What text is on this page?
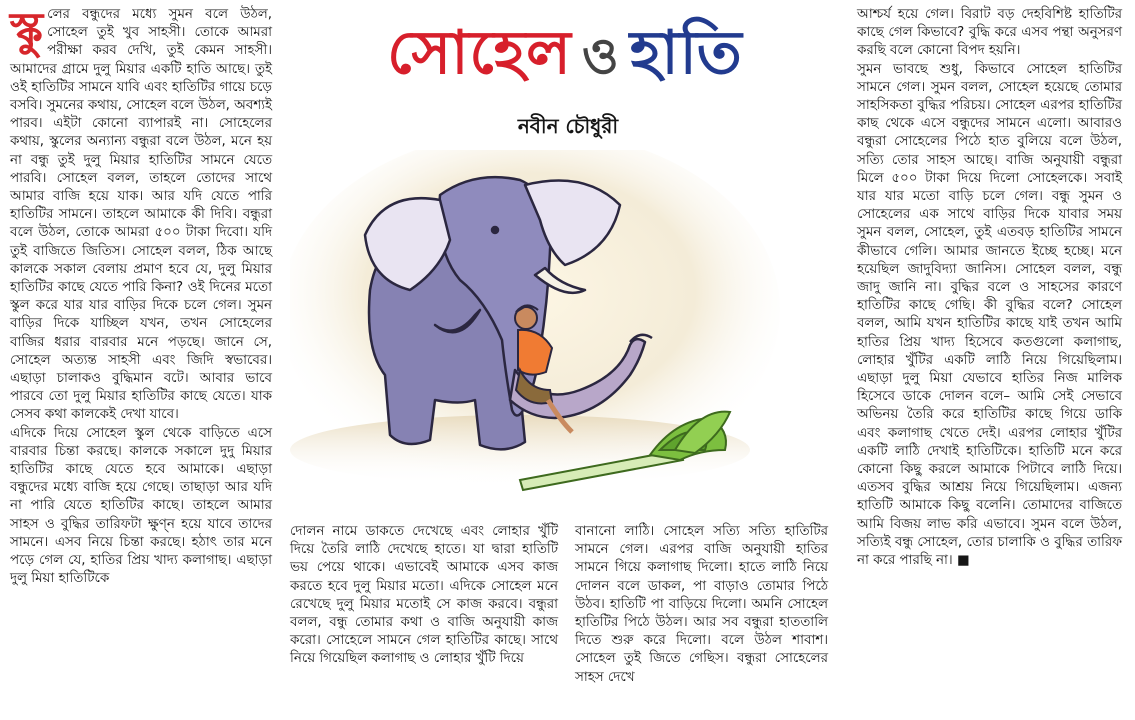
সোহেল ও হাতি
নবীন চৌধুরী

স্কু লের বন্ধুদের মধ্যে সুমন বলে উঠল, সোহেল তুই খুব সাহসী। তোকে আমরা পরীক্ষা করব দেখি, তুই কেমন সাহসী। আমাদের গ্রামে দুলু মিয়ার একটি হাতি আছে। তুই ওই হাতিটির সামনে যাবি এবং হাতিটির গায়ে চড়ে বসবি। সুমনের কথায়, সোহেল বলে উঠল, অবশ্যই পারব। এইটা কোনো ব্যাপারই না। সোহেলের কথায়, স্কুলের অন্যান্য বন্ধুরা বলে উঠল, মনে হয় না বন্ধু তুই দুলু মিয়ার হাতিটির সামনে যেতে পারবি। সোহেল বলল, তাহলে তোদের সাথে আমার বাজি হয়ে যাক। আর যদি যেতে পারি হাতিটির সামনে। তাহলে আমাকে কী দিবি। বন্ধুরা বলে উঠল, তোকে আমরা ৫০০ টাকা দিবো। যদি তুই বাজিতে জিতিস। সোহেল বলল, ঠিক আছে কালকে সকাল বেলায় প্রমাণ হবে যে, দুলু মিয়ার হাতিটির কাছে যেতে পারি কিনা? ওই দিনের মতো স্কুল করে যার যার বাড়ির দিকে চলে গেল। সুমন বাড়ির দিকে যাচ্ছিল যখন, তখন সোহেলের বাজির ধরার বারবার মনে পড়ছে। জানে সে, সোহেল অত্যন্ত সাহসী এবং জিদি স্বভাবের। এছাড়া চালাকও বুদ্ধিমান বটে। আবার ভাবে পারবে তো দুলু মিয়ার হাতিটির কাছে যেতে। যাক সেসব কথা কালকেই দেখা যাবে।

এদিকে দিয়ে সোহেল স্কুল থেকে বাড়িতে এসে বারবার চিন্তা করছে। কালকে সকালে দুদু মিয়ার হাতিটির কাছে যেতে হবে আমাকে। এছাড়া বন্ধুদের মধ্যে বাজি হয়ে গেছে। তাছাড়া আর যদি না পারি যেতে হাতিটির কাছে। তাহলে আমার সাহস ও বুদ্ধির তারিফটা ক্ষুণ্ন হয়ে যাবে তাদের সামনে। এসব নিয়ে চিন্তা করছে। হঠাৎ তার মনে পড়ে গেল যে, হাতির প্রিয় খাদ্য কলাগাছ। এছাড়া দুলু মিয়া হাতিটিকে

দোলন নামে ডাকতে দেখেছে এবং লোহার খুঁটি দিয়ে তৈরি লাঠি দেখেছে হাতে। যা দ্বারা হাতিটি ভয় পেয়ে থাকে। এভাবেই আমাকে এসব কাজ করতে হবে দুলু মিয়ার মতো। এদিকে সোহেল মনে রেখেছে দুলু মিয়ার মতোই সে কাজ করবে। বন্ধুরা বলল, বন্ধু তোমার কথা ও বাজি অনুযায়ী কাজ করো। সোহেলে সামনে গেল হাতিটির কাছে। সাথে নিয়ে গিয়েছিল কলাগাছ ও লোহার খুঁটি দিয়ে

বানানো লাঠি। সোহেল সত্যি সত্যি হাতিটির সামনে গেল। এরপর বাজি অনুযায়ী হাতির সামনে গিয়ে কলাগাছ দিলো। হাতে লাঠি নিয়ে দোলন বলে ডাকল, পা বাড়াও তোমার পিঠে উঠব। হাতিটি পা বাড়িয়ে দিলো। অমনি সোহেল হাতিটির পিঠে উঠল। আর সব বন্ধুরা হাততালি দিতে শুরু করে দিলো। বলে উঠল শাবাশ। সোহেল তুই জিতে গেছিস। বন্ধুরা সোহেলের সাহস দেখে

আশ্চর্য হয়ে গেল। বিরাট বড় দেহবিশিষ্ট হাতিটির কাছে গেল কিভাবে? বুদ্ধি করে এসব পন্থা অনুসরণ করছি বলে কোনো বিপদ হয়নি।

সুমন ভাবছে শুধু, কিভাবে সোহেল হাতিটির সামনে গেল। সুমন বলল, সোহেল হয়েছে তোমার সাহসিকতা বুদ্ধির পরিচয়। সোহেল এরপর হাতিটির কাছ থেকে এসে বন্ধুদের সামনে এলো। আবারও বন্ধুরা সোহেলের পিঠে হাত বুলিয়ে বলে উঠল, সত্যি তোর সাহস আছে। বাজি অনুযায়ী বন্ধুরা মিলে ৫০০ টাকা দিয়ে দিলো সোহেলকে। সবাই যার যার মতো বাড়ি চলে গেল। বন্ধু সুমন ও সোহেলের এক সাথে বাড়ির দিকে যাবার সময় সুমন বলল, সোহেল, তুই এতবড় হাতিটির সামনে কীভাবে গেলি। আমার জানতে ইচ্ছে হচ্ছে। মনে হয়েছিল জাদুবিদ্যা জানিস। সোহেল বলল, বন্ধু জাদু জানি না। বুদ্ধির বলে ও সাহসের কারণে হাতিটির কাছে গেছি। কী বুদ্ধির বলে? সোহেল বলল, আমি যখন হাতিটির কাছে যাই তখন আমি হাতির প্রিয় খাদ্য হিসেবে কতগুলো কলাগাছ, লোহার খুঁটির একটি লাঠি নিয়ে গিয়েছিলাম। এছাড়া দুলু মিয়া যেভাবে হাতির নিজ মালিক হিসেবে ডাকে দোলন বলে– আমি সেই সেভাবে অভিনয় তৈরি করে হাতিটির কাছে গিয়ে ডাকি এবং কলাগাছ খেতে দেই। এরপর লোহার খুঁটির একটি লাঠি দেখাই হাতিটিকে। হাতিটি মনে করে কোনো কিছু করলে আমাকে পিটাবে লাঠি দিয়ে। এতসব বুদ্ধির আশ্রয় নিয়ে গিয়েছিলাম। এজন্য হাতিটি আমাকে কিছু বলেনি। তোমাদের বাজিতে আমি বিজয় লাভ করি এভাবে। সুমন বলে উঠল, সত্যিই বন্ধু সোহেল, তোর চালাকি ও বুদ্ধির তারিফ না করে পারছি না। ■
